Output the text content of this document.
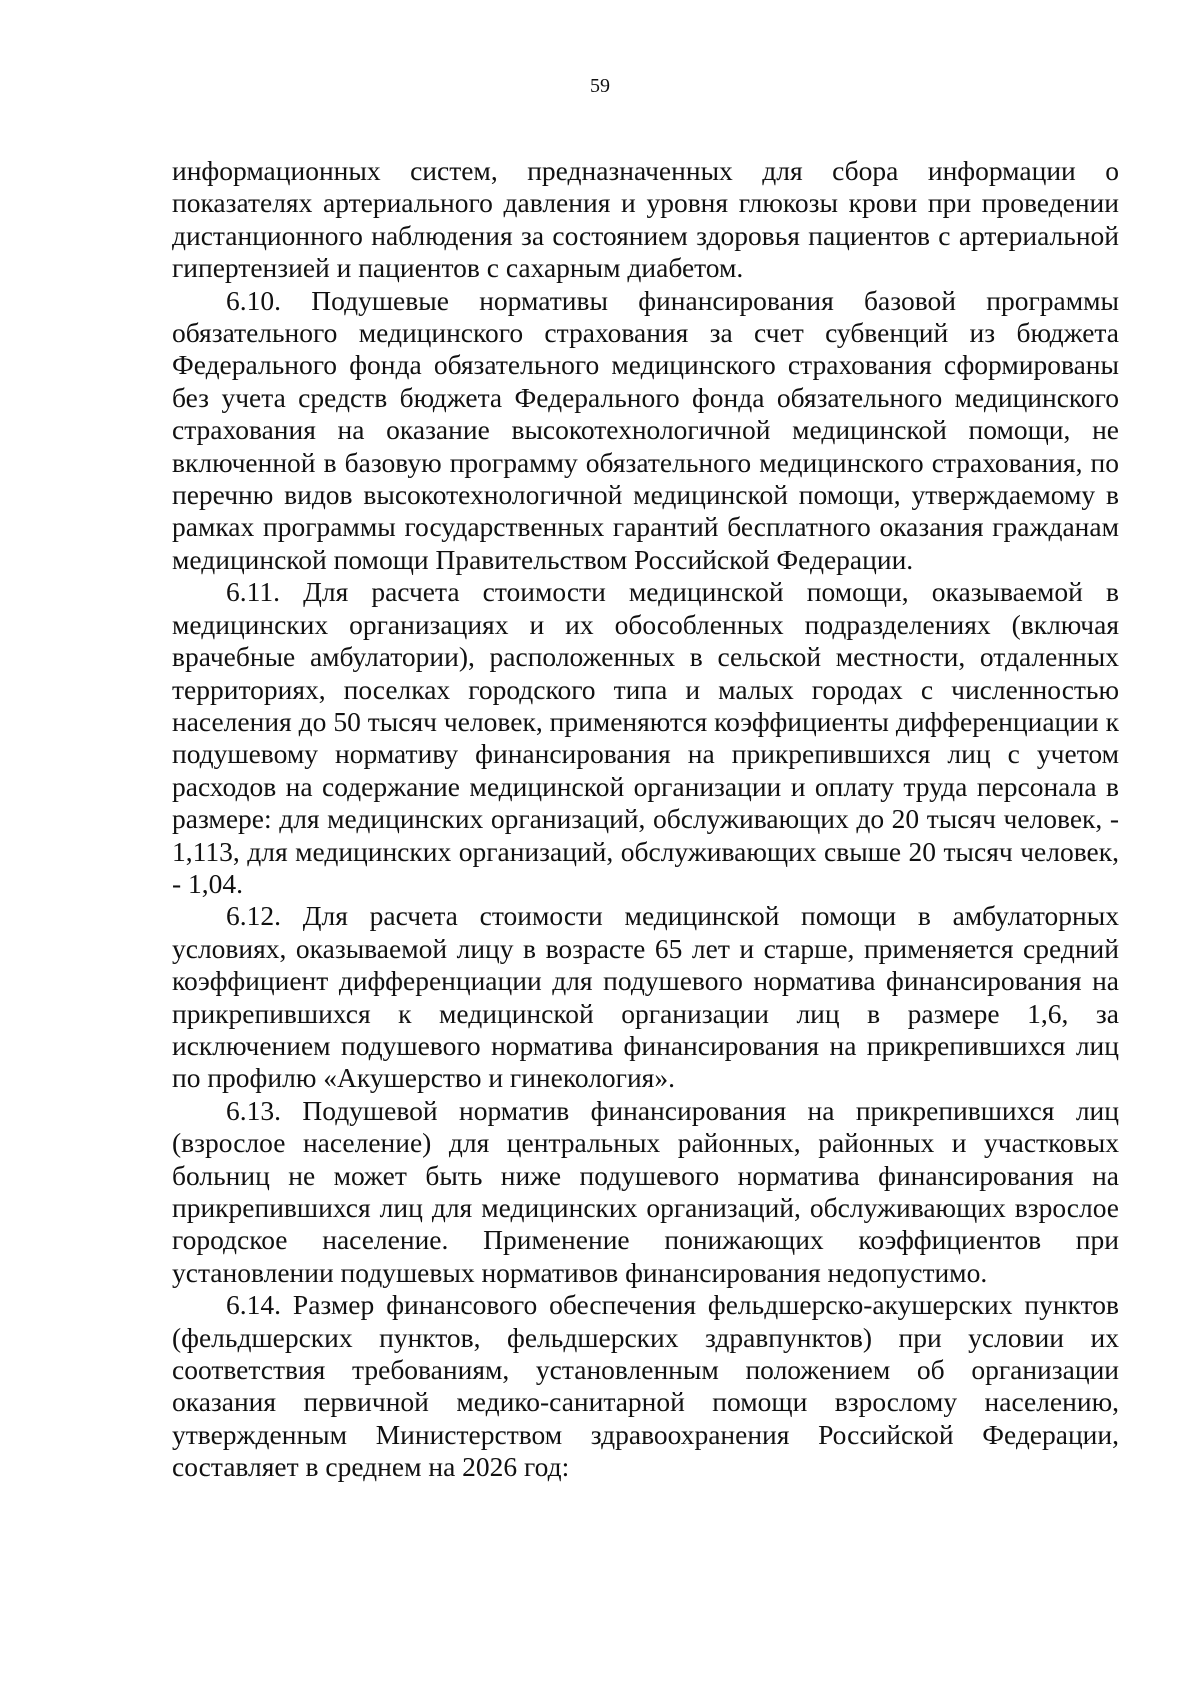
59

информационных систем, предназначенных для сбора информации о показателях артериального давления и уровня глюкозы крови при проведении дистанционного наблюдения за состоянием здоровья пациентов с артериальной гипертензией и пациентов с сахарным диабетом.

6.10. Подушевые нормативы финансирования базовой программы обязательного медицинского страхования за счет субвенций из бюджета Федерального фонда обязательного медицинского страхования сформированы без учета средств бюджета Федерального фонда обязательного медицинского страхования на оказание высокотехнологичной медицинской помощи, не включенной в базовую программу обязательного медицинского страхования, по перечню видов высокотехнологичной медицинской помощи, утверждаемому в рамках программы государственных гарантий бесплатного оказания гражданам медицинской помощи Правительством Российской Федерации.

6.11. Для расчета стоимости медицинской помощи, оказываемой в медицинских организациях и их обособленных подразделениях (включая врачебные амбулатории), расположенных в сельской местности, отдаленных территориях, поселках городского типа и малых городах с численностью населения до 50 тысяч человек, применяются коэффициенты дифференциации к подушевому нормативу финансирования на прикрепившихся лиц с учетом расходов на содержание медицинской организации и оплату труда персонала в размере: для медицинских организаций, обслуживающих до 20 тысяч человек, - 1,113, для медицинских организаций, обслуживающих свыше 20 тысяч человек, - 1,04.

6.12. Для расчета стоимости медицинской помощи в амбулаторных условиях, оказываемой лицу в возрасте 65 лет и старше, применяется средний коэффициент дифференциации для подушевого норматива финансирования на прикрепившихся к медицинской организации лиц в размере 1,6, за исключением подушевого норматива финансирования на прикрепившихся лиц по профилю «Акушерство и гинекология».

6.13. Подушевой норматив финансирования на прикрепившихся лиц (взрослое население) для центральных районных, районных и участковых больниц не может быть ниже подушевого норматива финансирования на прикрепившихся лиц для медицинских организаций, обслуживающих взрослое городское население. Применение понижающих коэффициентов при установлении подушевых нормативов финансирования недопустимо.

6.14. Размер финансового обеспечения фельдшерско-акушерских пунктов (фельдшерских пунктов, фельдшерских здравпунктов) при условии их соответствия требованиям, установленным положением об организации оказания первичной медико-санитарной помощи взрослому населению, утвержденным Министерством здравоохранения Российской Федерации, составляет в среднем на 2026 год:
